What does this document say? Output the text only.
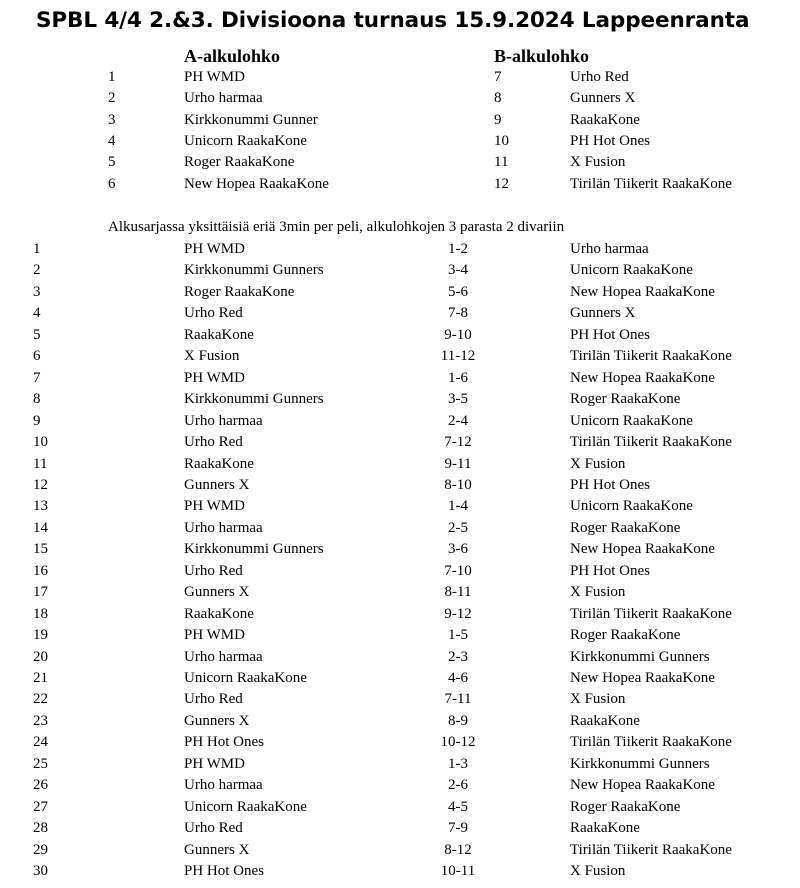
SPBL 4/4 2.&3. Divisioona turnaus 15.9.2024 Lappeenranta
A-alkulohko	B-alkulohko
1	PH WMD	7	Urho Red
2	Urho harmaa	8	Gunners X
3	Kirkkonummi Gunner	9	RaakaKone
4	Unicorn RaakaKone	10	PH Hot Ones
5	Roger RaakaKone	11	X Fusion
6	New Hopea RaakaKone	12	Tirilän Tiikerit RaakaKone
Alkusarjassa yksittäisiä eriä 3min per peli, alkulohkojen 3 parasta 2 divariin
1	PH WMD	1-2	Urho harmaa
2	Kirkkonummi Gunners	3-4	Unicorn RaakaKone
3	Roger RaakaKone	5-6	New Hopea RaakaKone
4	Urho Red	7-8	Gunners X
5	RaakaKone	9-10	PH Hot Ones
6	X Fusion	11-12	Tirilän Tiikerit RaakaKone
7	PH WMD	1-6	New Hopea RaakaKone
8	Kirkkonummi Gunners	3-5	Roger RaakaKone
9	Urho harmaa	2-4	Unicorn RaakaKone
10	Urho Red	7-12	Tirilän Tiikerit RaakaKone
11	RaakaKone	9-11	X Fusion
12	Gunners X	8-10	PH Hot Ones
13	PH WMD	1-4	Unicorn RaakaKone
14	Urho harmaa	2-5	Roger RaakaKone
15	Kirkkonummi Gunners	3-6	New Hopea RaakaKone
16	Urho Red	7-10	PH Hot Ones
17	Gunners X	8-11	X Fusion
18	RaakaKone	9-12	Tirilän Tiikerit RaakaKone
19	PH WMD	1-5	Roger RaakaKone
20	Urho harmaa	2-3	Kirkkonummi Gunners
21	Unicorn RaakaKone	4-6	New Hopea RaakaKone
22	Urho Red	7-11	X Fusion
23	Gunners X	8-9	RaakaKone
24	PH Hot Ones	10-12	Tirilän Tiikerit RaakaKone
25	PH WMD	1-3	Kirkkonummi Gunners
26	Urho harmaa	2-6	New Hopea RaakaKone
27	Unicorn RaakaKone	4-5	Roger RaakaKone
28	Urho Red	7-9	RaakaKone
29	Gunners X	8-12	Tirilän Tiikerit RaakaKone
30	PH Hot Ones	10-11	X Fusion
